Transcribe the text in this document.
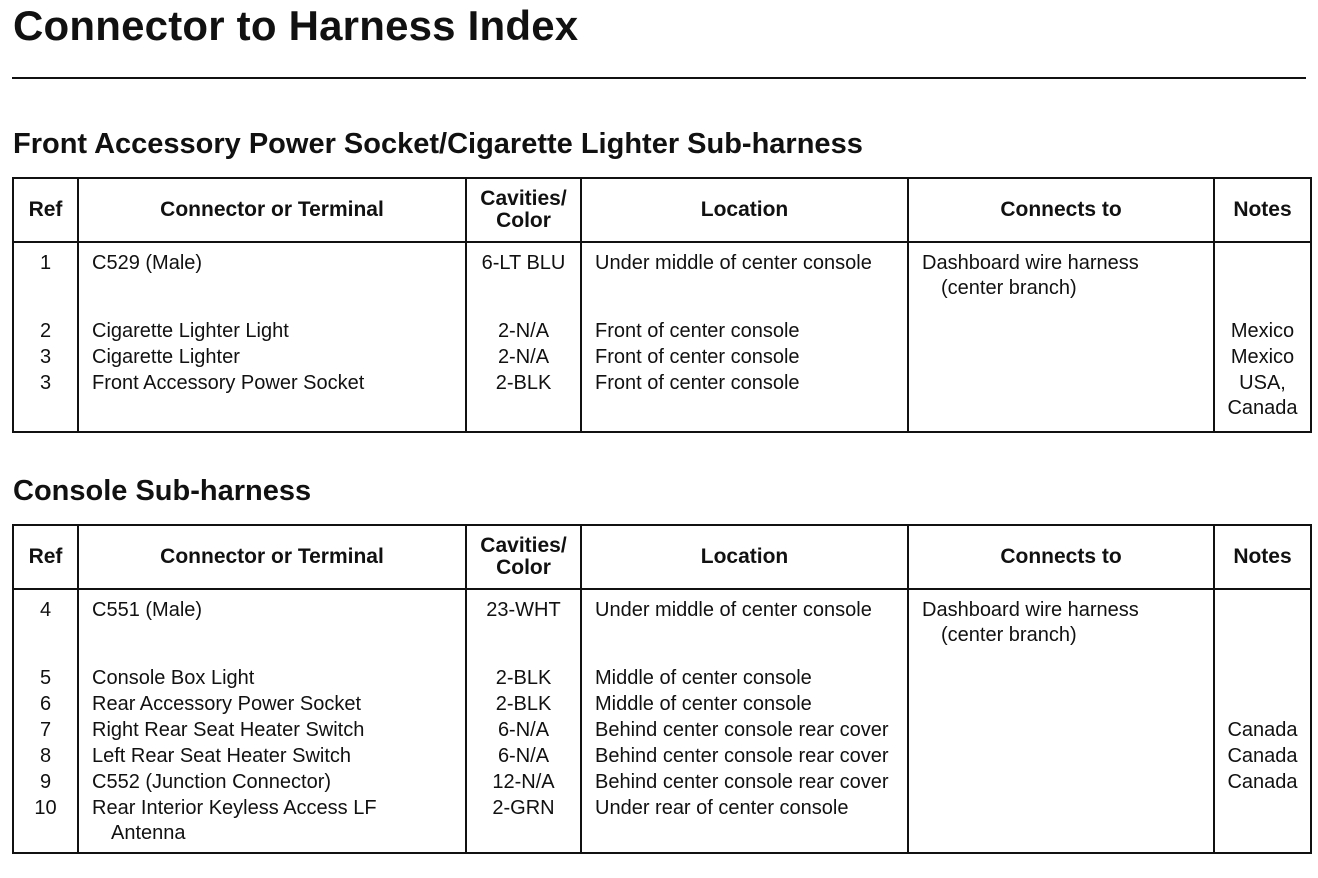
Connector to Harness Index
Front Accessory Power Socket/Cigarette Lighter Sub-harness
Ref	Connector or Terminal	Cavities/
Color	Location	Connects to	Notes
1	C529 (Male)	6-LT BLU	Under middle of center console	Dashboard wire harness
(center branch)	

2	Cigarette Lighter Light	2-N/A	Front of center console		Mexico
3	Cigarette Lighter	2-N/A	Front of center console		Mexico
3	Front Accessory Power Socket	2-BLK	Front of center console		USA,
Canada

Console Sub-harness
Ref	Connector or Terminal	Cavities/
Color	Location	Connects to	Notes
4	C551 (Male)	23-WHT	Under middle of center console	Dashboard wire harness
(center branch)	

5	Console Box Light	2-BLK	Middle of center console		
6	Rear Accessory Power Socket	2-BLK	Middle of center console		
7	Right Rear Seat Heater Switch	6-N/A	Behind center console rear cover		Canada
8	Left Rear Seat Heater Switch	6-N/A	Behind center console rear cover		Canada
9	C552 (Junction Connector)	12-N/A	Behind center console rear cover		Canada
10	Rear Interior Keyless Access LF
Antenna	2-GRN	Under rear of center console		
